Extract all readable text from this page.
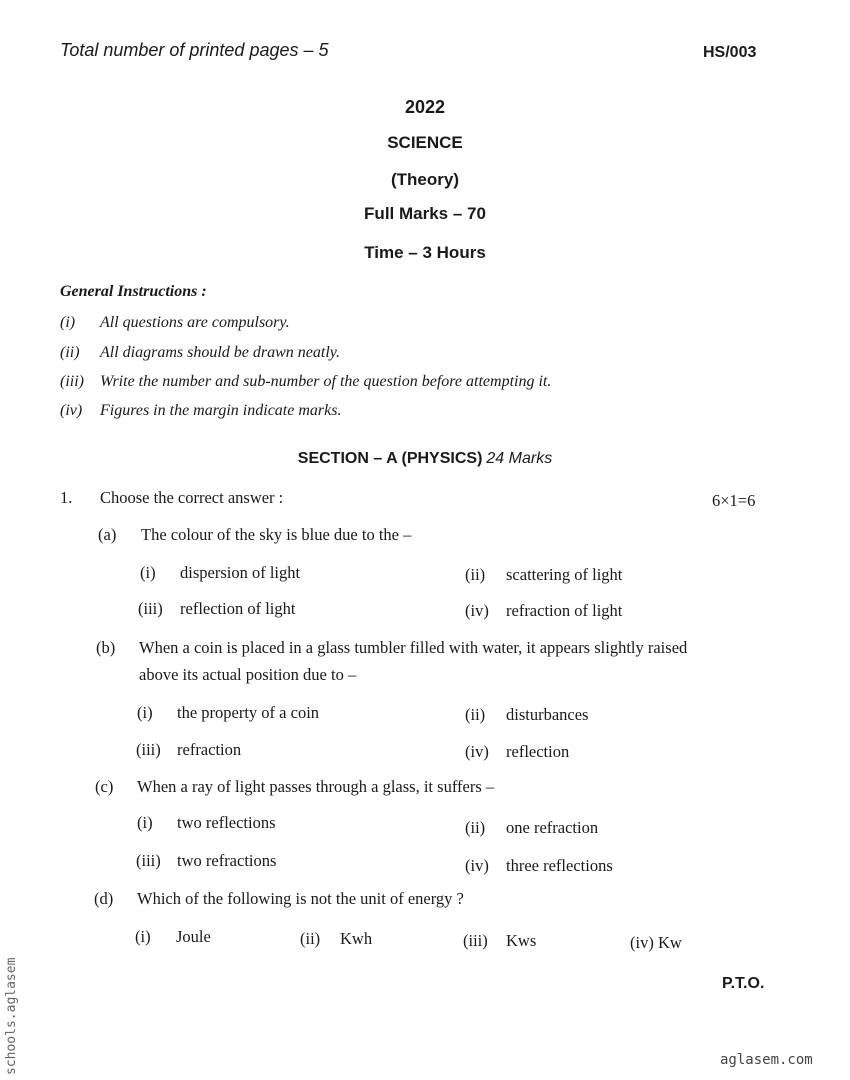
Total number of printed pages – 5	HS/003
2022
SCIENCE
(Theory)
Full Marks – 70
Time – 3 Hours
General Instructions :
(i) All questions are compulsory.
(ii) All diagrams should be drawn neatly.
(iii) Write the number and sub-number of the question before attempting it.
(iv) Figures in the margin indicate marks.
SECTION – A (PHYSICS) 24 Marks
1. Choose the correct answer :	6×1=6
(a) The colour of the sky is blue due to the –
(i) dispersion of light	(ii) scattering of light
(iii) reflection of light	(iv) refraction of light
(b) When a coin is placed in a glass tumbler filled with water, it appears slightly raised
above its actual position due to –
(i) the property of a coin	(ii) disturbances
(iii) refraction	(iv) reflection
(c) When a ray of light passes through a glass, it suffers –
(i) two reflections	(ii) one refraction
(iii) two refractions	(iv) three reflections
(d) Which of the following is not the unit of energy ?
(i) Joule	(ii) Kwh	(iii) Kws	(iv) Kw
P.T.O.
aglasem.com
schools.aglasem
